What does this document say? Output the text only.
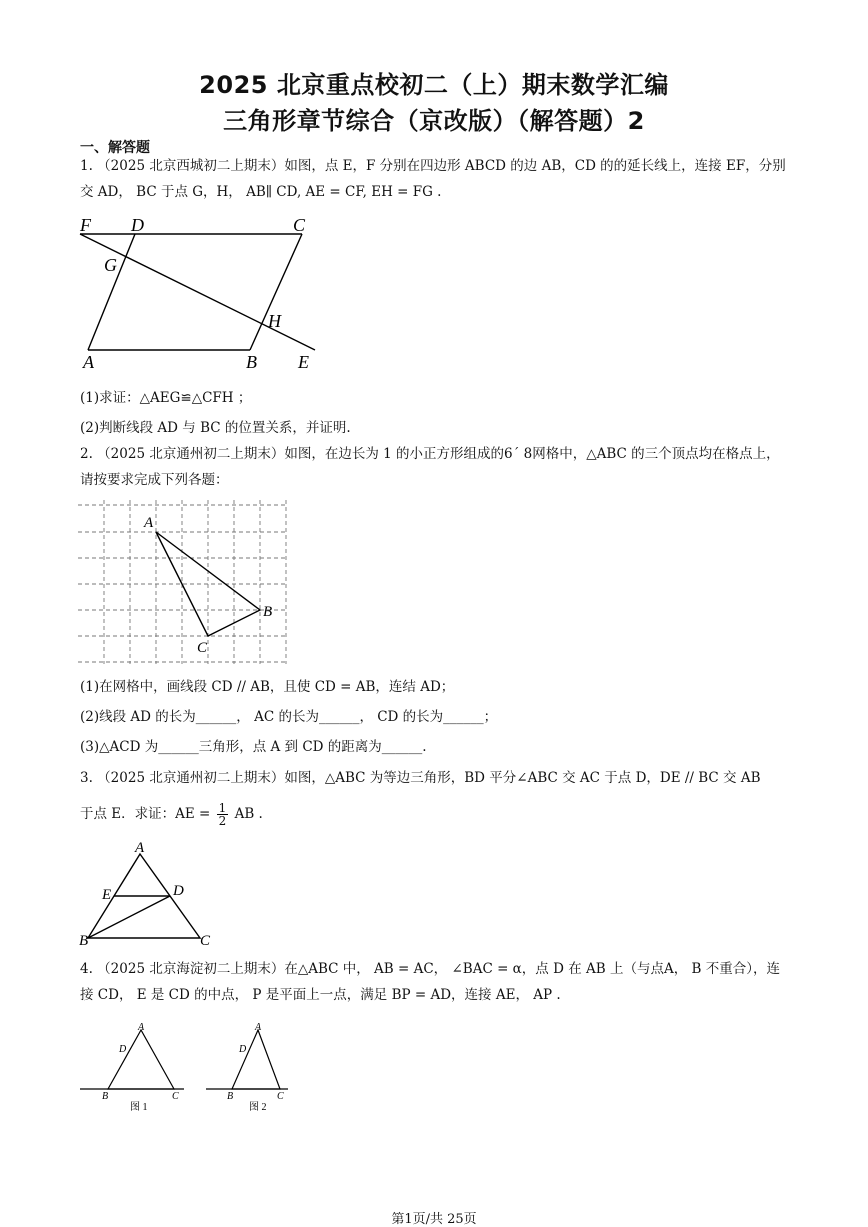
2025 北京重点校初二（上）期末数学汇编
三角形章节综合（京改版）（解答题）2
一、解答题
1. （2025 北京西城初二上期末）如图，点 E，F 分别在四边形 ABCD 的边 AB，CD 的的延长线上，连接 EF，分别交 AD， BC 于点 G，H， AB∥ CD, AE = CF, EH = FG .
F D	C
G
H
A	B E
(1)求证：△AEG≌△CFH ；
(2)判断线段 AD 与 BC 的位置关系，并证明.
2. （2025 北京通州初二上期末）如图，在边长为 1 的小正方形组成的6´ 8网格中，△ABC 的三个顶点均在格点上，请按要求完成下列各题：
A
B
C
(1)在网格中，画线段 CD // AB，且使 CD = AB，连结 AD；
(2)线段 AD 的长为______， AC 的长为______， CD 的长为______；
(3)△ACD 为______三角形，点 A 到 CD 的距离为______.
3. （2025 北京通州初二上期末）如图，△ABC 为等边三角形，BD 平分∠ABC 交 AC 于点 D，DE // BC 交 AB
于点 E．求证：AE = $\frac{1}{2}$ AB .
A
E	D
B	C
4. （2025 北京海淀初二上期末）在△ABC 中， AB = AC， ∠BAC = α，点 D 在 AB 上（与点A， B 不重合），连接 CD， E 是 CD 的中点， P 是平面上一点，满足 BP = AD，连接 AE， AP .
A
D
B	C
图 1
A
D
B	C
图 2
第1页/共 25页
